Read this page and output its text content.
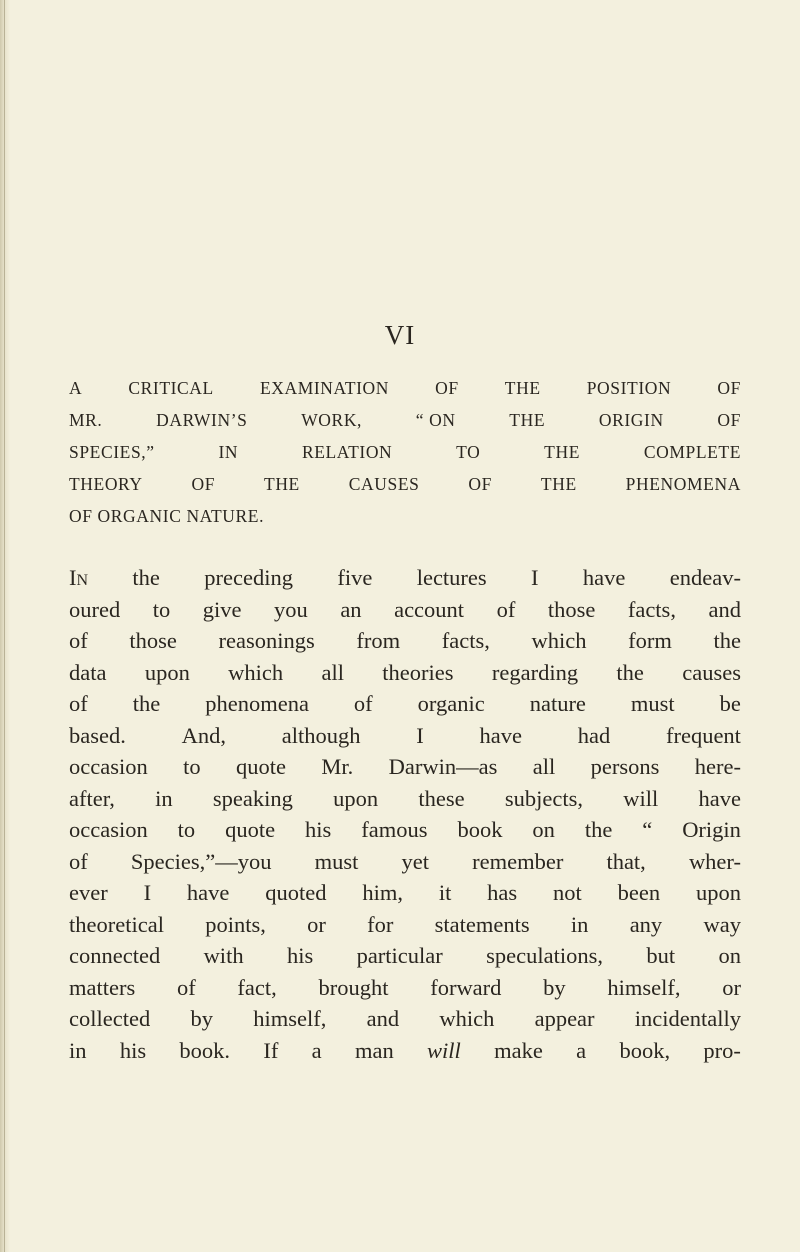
VI
A	CRITICAL	EXAMINATION	OF	THE	POSITION	OF
MR.	DARWIN’S	WORK,	“ ON	THE	ORIGIN	OF
SPECIES,”	IN	RELATION	TO	THE	COMPLETE
THEORY	OF	THE	CAUSES	OF	THE	PHENOMENA
OF ORGANIC NATURE.
In the preceding five lectures I have endeav-
oured to give you an account of those facts, and
of those reasonings from facts, which form the
data upon which all theories regarding the causes
of the phenomena of organic nature must be
based. And, although I have had frequent
occasion to quote Mr. Darwin—as all persons here-
after, in speaking upon these subjects, will have
occasion to quote his famous book on the “ Origin
of Species,”—you must yet remember that, wher-
ever I have quoted him, it has not been upon
theoretical points, or for statements in any way
connected with his particular speculations, but on
matters of fact, brought forward by himself, or
collected by himself, and which appear incidentally
in his book. If a man will make a book, pro-
